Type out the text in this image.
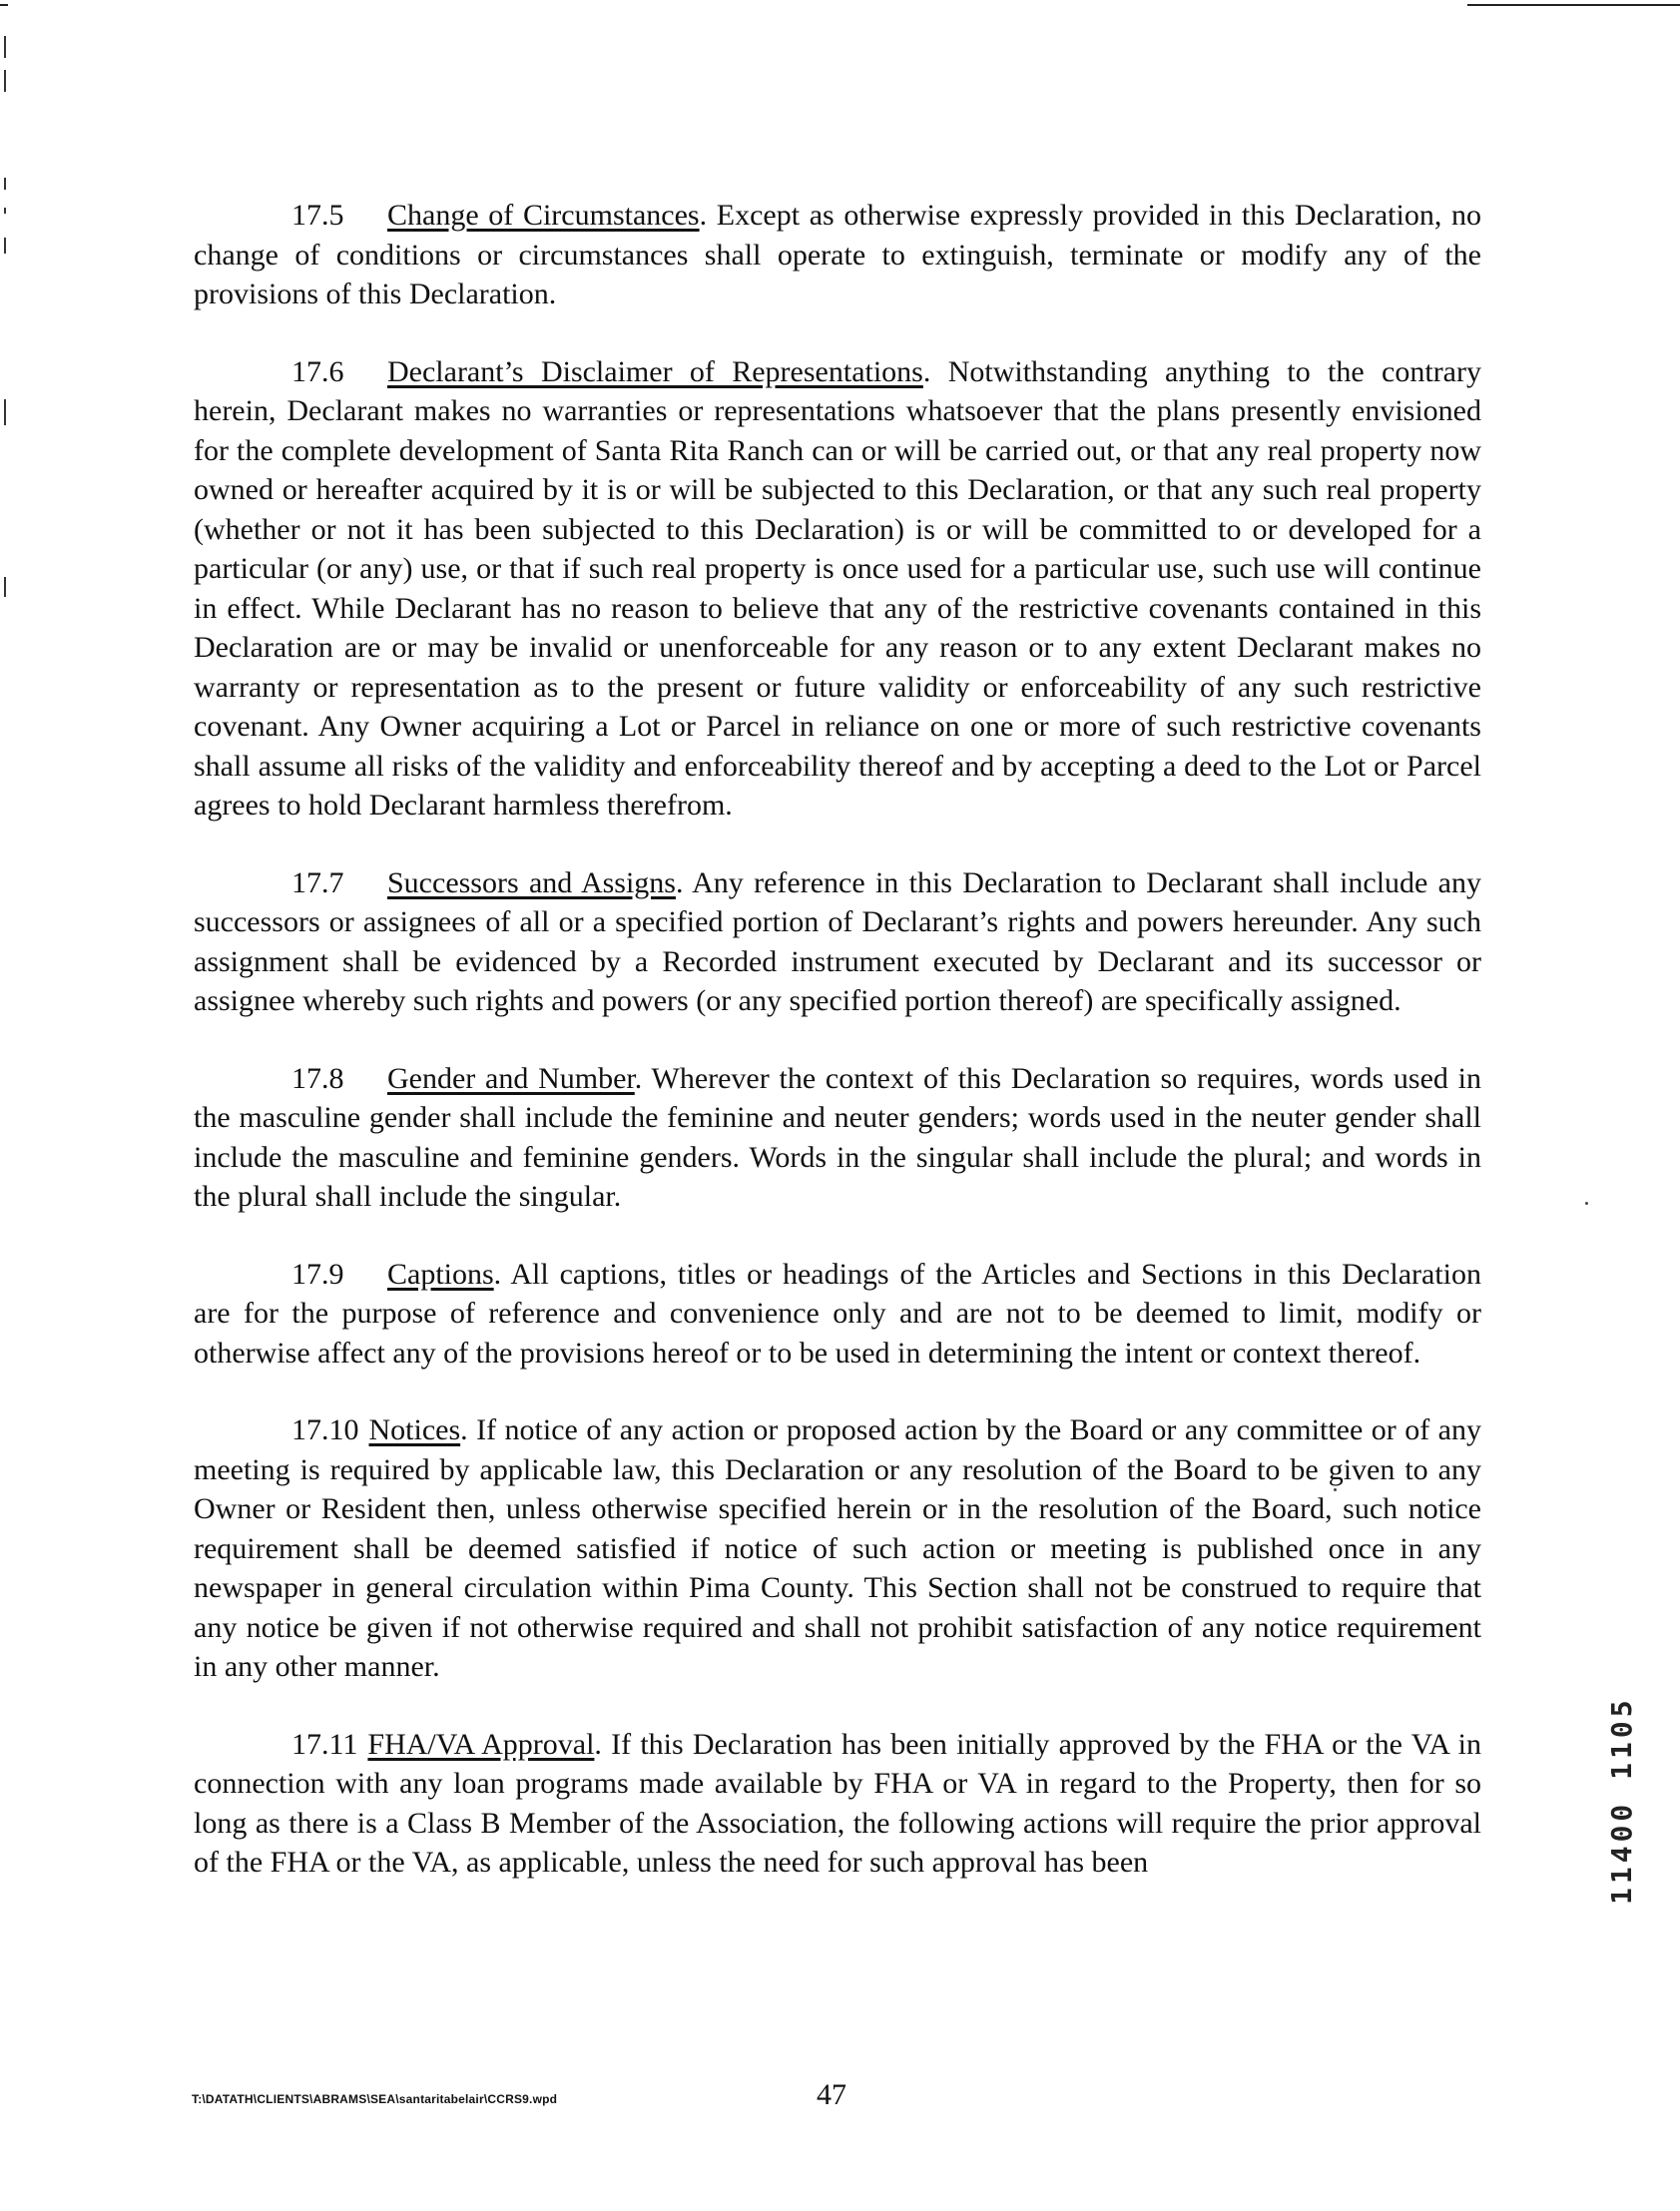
17.5 Change of Circumstances. Except as otherwise expressly provided in this Declaration, no change of conditions or circumstances shall operate to extinguish, terminate or modify any of the provisions of this Declaration.

17.6 Declarant’s Disclaimer of Representations. Notwithstanding anything to the contrary herein, Declarant makes no warranties or representations whatsoever that the plans presently envisioned for the complete development of Santa Rita Ranch can or will be carried out, or that any real property now owned or hereafter acquired by it is or will be subjected to this Declaration, or that any such real property (whether or not it has been subjected to this Declaration) is or will be committed to or developed for a particular (or any) use, or that if such real property is once used for a particular use, such use will continue in effect. While Declarant has no reason to believe that any of the restrictive covenants contained in this Declaration are or may be invalid or unenforceable for any reason or to any extent Declarant makes no warranty or representation as to the present or future validity or enforceability of any such restrictive covenant. Any Owner acquiring a Lot or Parcel in reliance on one or more of such restrictive covenants shall assume all risks of the validity and enforceability thereof and by accepting a deed to the Lot or Parcel agrees to hold Declarant harmless therefrom.

17.7 Successors and Assigns. Any reference in this Declaration to Declarant shall include any successors or assignees of all or a specified portion of Declarant’s rights and powers hereunder. Any such assignment shall be evidenced by a Recorded instrument executed by Declarant and its successor or assignee whereby such rights and powers (or any specified portion thereof) are specifically assigned.

17.8 Gender and Number. Wherever the context of this Declaration so requires, words used in the masculine gender shall include the feminine and neuter genders; words used in the neuter gender shall include the masculine and feminine genders. Words in the singular shall include the plural; and words in the plural shall include the singular.

17.9 Captions. All captions, titles or headings of the Articles and Sections in this Declaration are for the purpose of reference and convenience only and are not to be deemed to limit, modify or otherwise affect any of the provisions hereof or to be used in determining the intent or context thereof.

17.10 Notices. If notice of any action or proposed action by the Board or any committee or of any meeting is required by applicable law, this Declaration or any resolution of the Board to be given to any Owner or Resident then, unless otherwise specified herein or in the resolution of the Board, such notice requirement shall be deemed satisfied if notice of such action or meeting is published once in any newspaper in general circulation within Pima County. This Section shall not be construed to require that any notice be given if not otherwise required and shall not prohibit satisfaction of any notice requirement in any other manner.

17.11 FHA/VA Approval. If this Declaration has been initially approved by the FHA or the VA in connection with any loan programs made available by FHA or VA in regard to the Property, then for so long as there is a Class B Member of the Association, the following actions will require the prior approval of the FHA or the VA, as applicable, unless the need for such approval has been	11400 1105
T:\DATATH\CLIENTS\ABRAMS\SEA\santaritabelair\CCRS9.wpd	47
